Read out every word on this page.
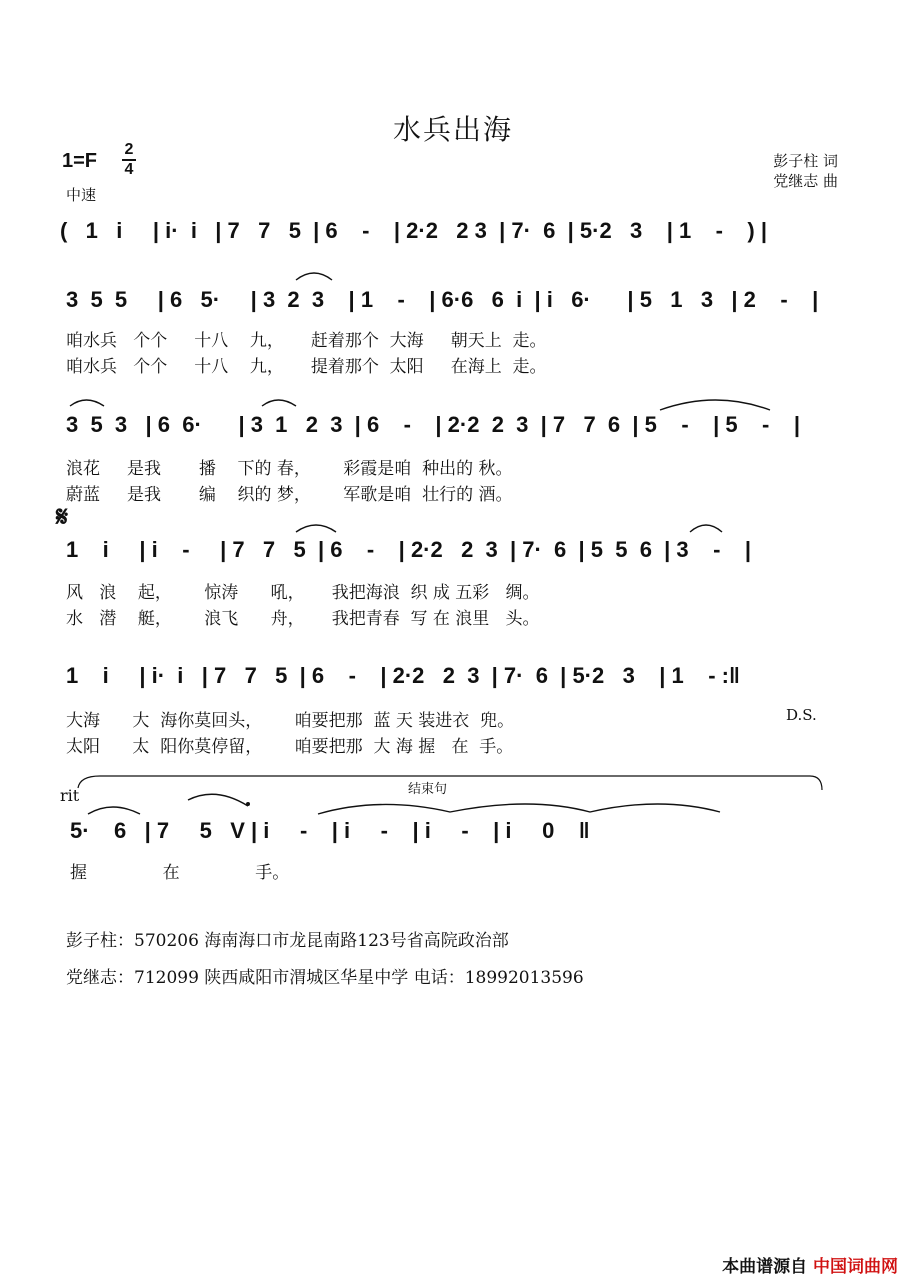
水兵出海
1=F
2
4
中速
彭子柱 词
党继志 曲
(   1   i     | i·  i   | 7   7   5  | 6    -    | 2·2   2 3  | 7·  6  | 5·2   3    | 1    -    ) |
3  5  5     | 6   5·     | 3  2  3    | 1    -    | 6·6   6  i  | i   6·      | 5   1   3   | 2    -    |
咱水兵   个个     十八    九，     赶着那个  大海     朝天上  走。
咱水兵   个个     十八    九，     提着那个  太阳     在海上  走。
3  5  3   | 6  6·      | 3  1   2  3  | 6    -    | 2·2  2  3  | 7   7  6  | 5    -    | 5    -    |
浪花     是我       播    下的 春，      彩霞是咱  种出的 秋。
蔚蓝     是我       编    织的 梦，      军歌是咱  壮行的 酒。
𝄋
1    i     | i    -     | 7   7   5  | 6    -    | 2·2   2  3  | 7·  6  | 5  5  6  | 3    -    |
风   浪    起，      惊涛      吼，     我把海浪  织 成 五彩   绸。
水   潜    艇，      浪飞      舟，     我把青春  写 在 浪里   头。
1    i     | i·  i   | 7   7   5  | 6    -    | 2·2   2  3  | 7·  6  | 5·2   3    | 1    - :‖
大海      大  海你莫回头，      咱要把那  蓝 天 装进衣  兜。	D.S.
太阳      太  阳你莫停留，      咱要把那  大 海 握   在  手。
rit	结束句
5·    6   | 7     5   V | i     -    | i     -    | i     -    | i     0    ‖
握              在              手。
彭子柱：570206 海南海口市龙昆南路123号省高院政治部
党继志：712099 陕西咸阳市渭城区华星中学 电话：18992013596
本曲谱源自 中国词曲网
